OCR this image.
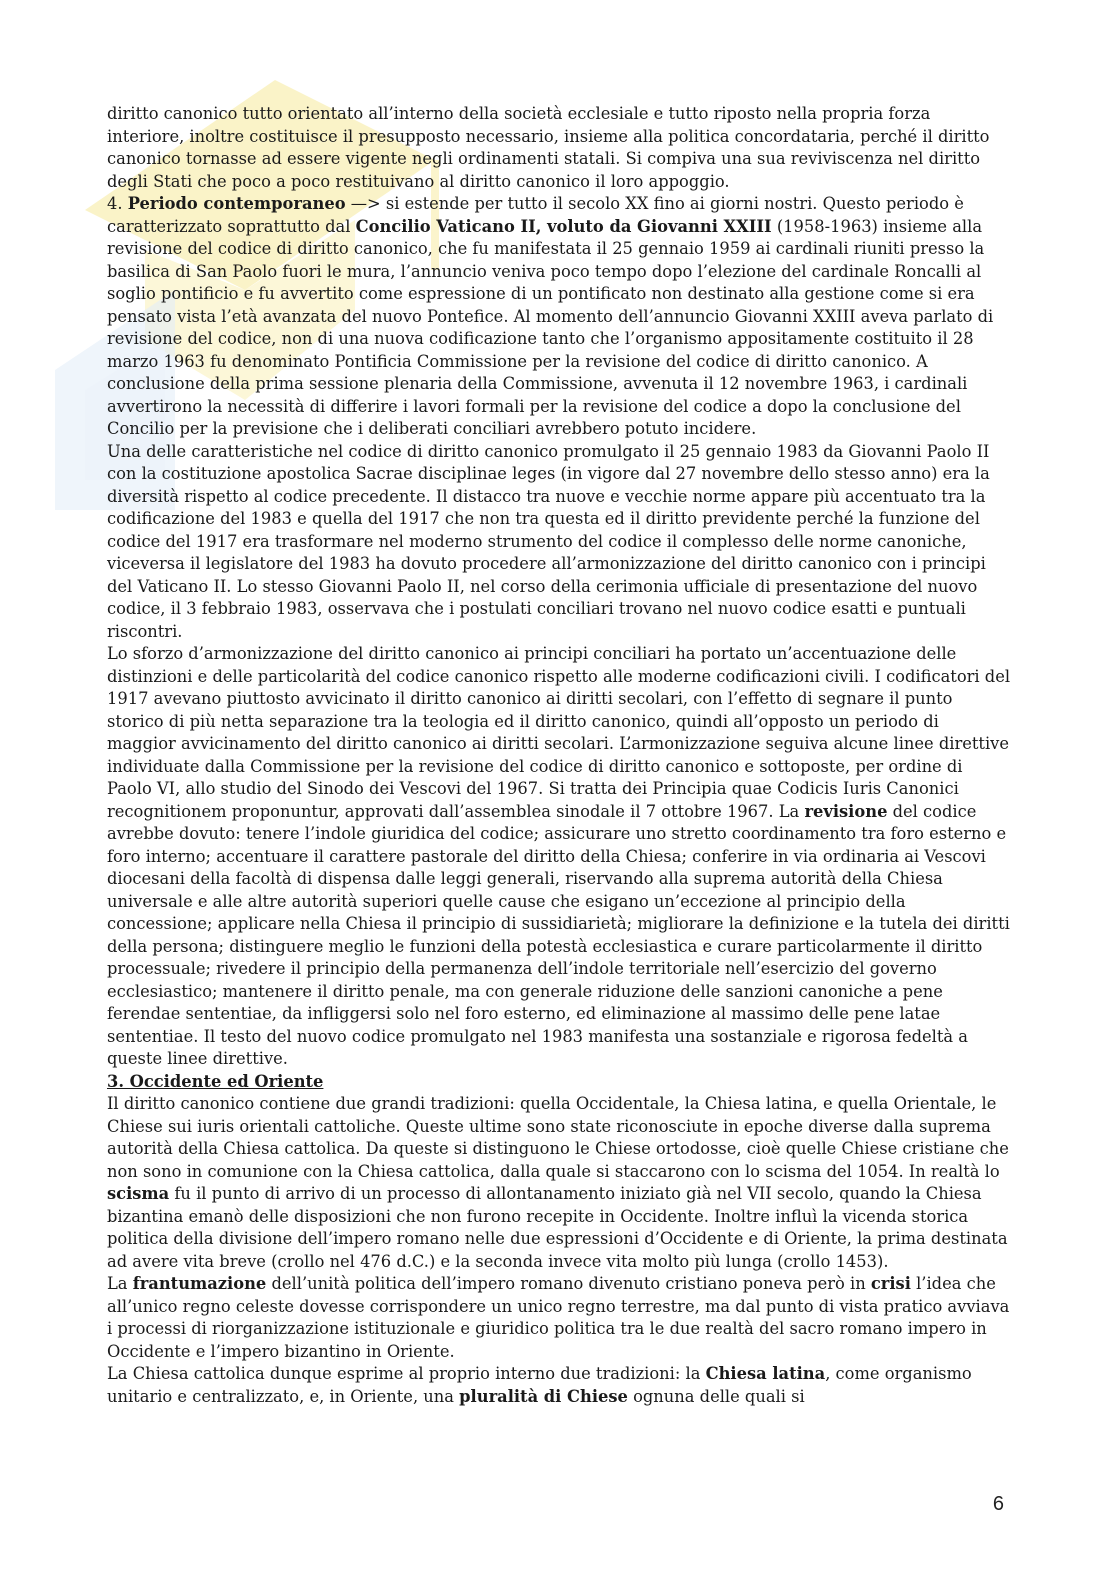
diritto canonico tutto orientato all’interno della società ecclesiale e tutto riposto nella propria forza interiore, inoltre costituisce il presupposto necessario, insieme alla politica concordataria, perché il diritto canonico tornasse ad essere vigente negli ordinamenti statali. Si compiva una sua reviviscenza nel diritto degli Stati che poco a poco restituivano al diritto canonico il loro appoggio.

4. Periodo contemporaneo —> si estende per tutto il secolo XX fino ai giorni nostri. Questo periodo è caratterizzato soprattutto dal Concilio Vaticano II, voluto da Giovanni XXIII (1958-1963) insieme alla revisione del codice di diritto canonico, che fu manifestata il 25 gennaio 1959 ai cardinali riuniti presso la basilica di San Paolo fuori le mura, l’annuncio veniva poco tempo dopo l’elezione del cardinale Roncalli al soglio pontificio e fu avvertito come espressione di un pontificato non destinato alla gestione come si era pensato vista l’età avanzata del nuovo Pontefice. Al momento dell’annuncio Giovanni XXIII aveva parlato di revisione del codice, non di una nuova codificazione tanto che l’organismo appositamente costituito il 28 marzo 1963 fu denominato Pontificia Commissione per la revisione del codice di diritto canonico. A conclusione della prima sessione plenaria della Commissione, avvenuta il 12 novembre 1963, i cardinali avvertirono la necessità di differire i lavori formali per la revisione del codice a dopo la conclusione del Concilio per la previsione che i deliberati conciliari avrebbero potuto incidere.

Una delle caratteristiche nel codice di diritto canonico promulgato il 25 gennaio 1983 da Giovanni Paolo II con la costituzione apostolica Sacrae disciplinae leges (in vigore dal 27 novembre dello stesso anno) era la diversità rispetto al codice precedente. Il distacco tra nuove e vecchie norme appare più accentuato tra la codificazione del 1983 e quella del 1917 che non tra questa ed il diritto previdente perché la funzione del codice del 1917 era trasformare nel moderno strumento del codice il complesso delle norme canoniche, viceversa il legislatore del 1983 ha dovuto procedere all’armonizzazione del diritto canonico con i principi del Vaticano II. Lo stesso Giovanni Paolo II, nel corso della cerimonia ufficiale di presentazione del nuovo codice, il 3 febbraio 1983, osservava che i postulati conciliari trovano nel nuovo codice esatti e puntuali riscontri.

Lo sforzo d’armonizzazione del diritto canonico ai principi conciliari ha portato un’accentuazione delle distinzioni e delle particolarità del codice canonico rispetto alle moderne codificazioni civili. I codificatori del 1917 avevano piuttosto avvicinato il diritto canonico ai diritti secolari, con l’effetto di segnare il punto storico di più netta separazione tra la teologia ed il diritto canonico, quindi all’opposto un periodo di maggior avvicinamento del diritto canonico ai diritti secolari. L’armonizzazione seguiva alcune linee direttive individuate dalla Commissione per la revisione del codice di diritto canonico e sottoposte, per ordine di Paolo VI, allo studio del Sinodo dei Vescovi del 1967. Si tratta dei Principia quae Codicis Iuris Canonici recognitionem proponuntur, approvati dall’assemblea sinodale il 7 ottobre 1967. La revisione del codice avrebbe dovuto: tenere l’indole giuridica del codice; assicurare uno stretto coordinamento tra foro esterno e foro interno; accentuare il carattere pastorale del diritto della Chiesa; conferire in via ordinaria ai Vescovi diocesani della facoltà di dispensa dalle leggi generali, riservando alla suprema autorità della Chiesa universale e alle altre autorità superiori quelle cause che esigano un’eccezione al principio della concessione; applicare nella Chiesa il principio di sussidiarietà; migliorare la definizione e la tutela dei diritti della persona; distinguere meglio le funzioni della potestà ecclesiastica e curare particolarmente il diritto processuale; rivedere il principio della permanenza dell’indole territoriale nell’esercizio del governo ecclesiastico; mantenere il diritto penale, ma con generale riduzione delle sanzioni canoniche a pene ferendae sententiae, da infliggersi solo nel foro esterno, ed eliminazione al massimo delle pene latae sententiae. Il testo del nuovo codice promulgato nel 1983 manifesta una sostanziale e rigorosa fedeltà a queste linee direttive.

3. Occidente ed Oriente

Il diritto canonico contiene due grandi tradizioni: quella Occidentale, la Chiesa latina, e quella Orientale, le Chiese sui iuris orientali cattoliche. Queste ultime sono state riconosciute in epoche diverse dalla suprema autorità della Chiesa cattolica. Da queste si distinguono le Chiese ortodosse, cioè quelle Chiese cristiane che non sono in comunione con la Chiesa cattolica, dalla quale si staccarono con lo scisma del 1054. In realtà lo scisma fu il punto di arrivo di un processo di allontanamento iniziato già nel VII secolo, quando la Chiesa bizantina emanò delle disposizioni che non furono recepite in Occidente. Inoltre influì la vicenda storica politica della divisione dell’impero romano nelle due espressioni d’Occidente e di Oriente, la prima destinata ad avere vita breve (crollo nel 476 d.C.) e la seconda invece vita molto più lunga (crollo 1453).

La frantumazione dell’unità politica dell’impero romano divenuto cristiano poneva però in crisi l’idea che all’unico regno celeste dovesse corrispondere un unico regno terrestre, ma dal punto di vista pratico avviava i processi di riorganizzazione istituzionale e giuridico politica tra le due realtà del sacro romano impero in Occidente e l’impero bizantino in Oriente.

La Chiesa cattolica dunque esprime al proprio interno due tradizioni: la Chiesa latina, come organismo unitario e centralizzato, e, in Oriente, una pluralità di Chiese ognuna delle quali si

6
